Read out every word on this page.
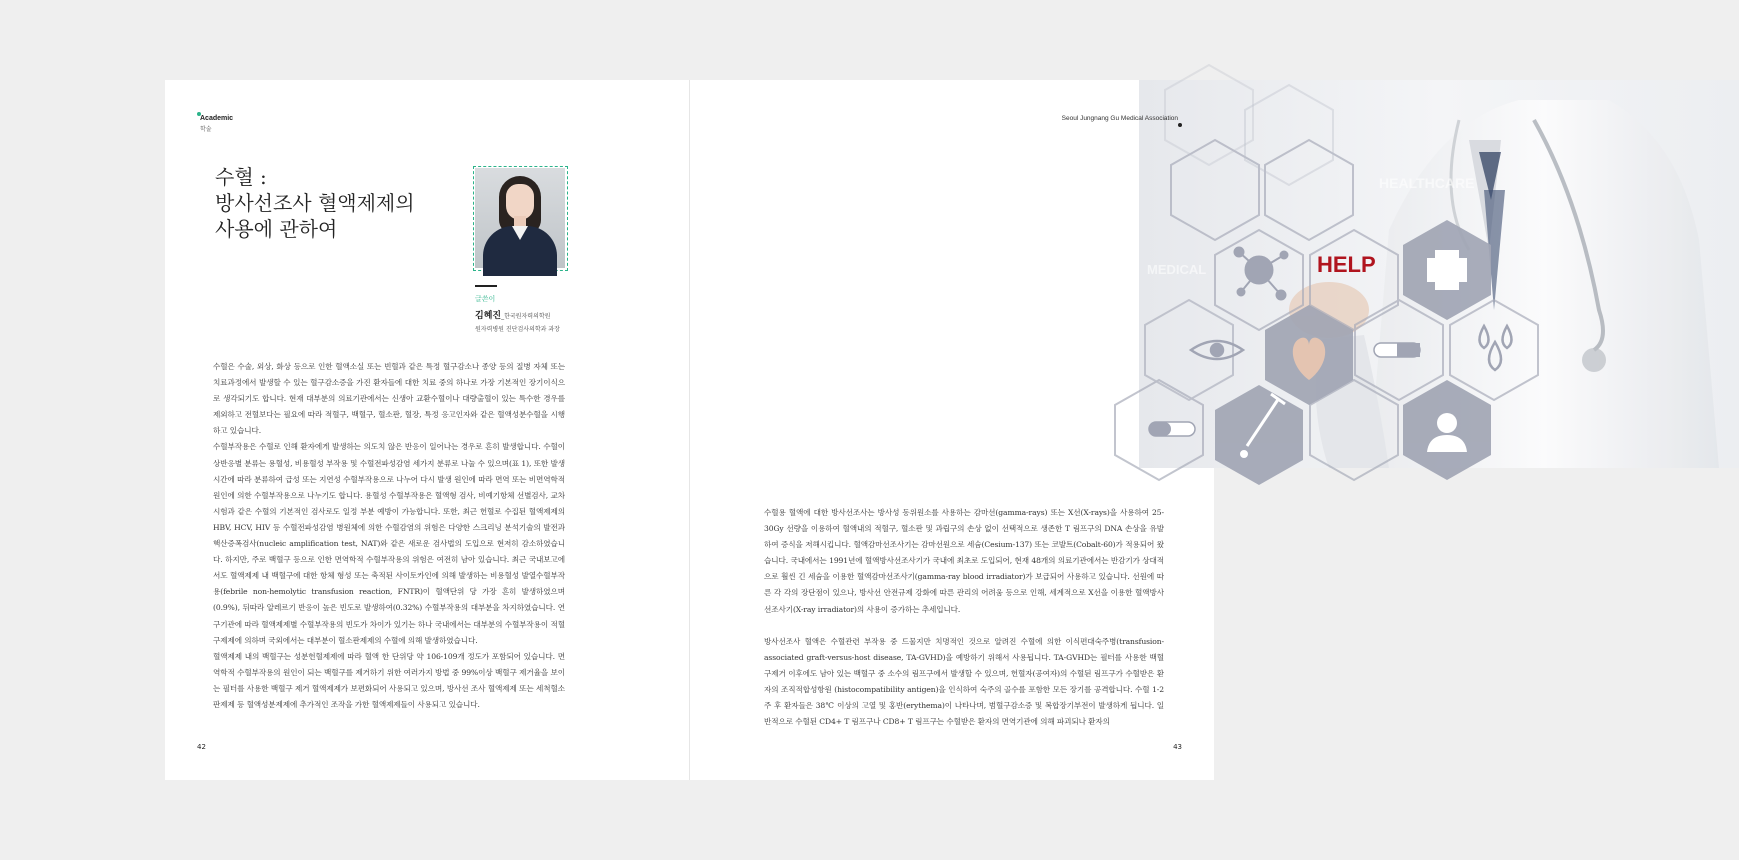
Academic
학술
수혈 :
방사선조사 혈액제제의
사용에 관하여
글쓴이
김혜진_한국원자력의학원
원자력병원 진단검사의학과 과장

수혈은 수술, 외상, 화상 등으로 인한 혈액소실 또는 빈혈과 같은 특정 혈구감소나 종양 등의 질병 자체 또는 치료과정에서 발생할 수 있는 혈구감소증을 가진 환자들에 대한 치료 중의 하나로 가장 기본적인 장기이식으로 생각되기도 합니다. 현재 대부분의 의료기관에서는 신생아 교환수혈이나 대량출혈이 있는 특수한 경우를 제외하고 전혈보다는 필요에 따라 적혈구, 백혈구, 혈소판, 혈장, 특정 응고인자와 같은 혈액성분수혈을 시행하고 있습니다.

수혈부작용은 수혈로 인해 환자에게 발생하는 의도치 않은 반응이 일어나는 경우로 흔히 발생합니다. 수혈이상반응별 분류는 용혈성, 비용혈성 부작용 및 수혈전파성감염 세가지 분류로 나눌 수 있으며(표 1), 또한 발생시간에 따라 분류하여 급성 또는 지연성 수혈부작용으로 나누어 다시 발생 원인에 따라 면역 또는 비면역학적 원인에 의한 수혈부작용으로 나누기도 합니다. 용혈성 수혈부작용은 혈액형 검사, 비예기항체 선별검사, 교차시험과 같은 수혈의 기본적인 검사로도 일정 부분 예방이 가능합니다. 또한, 최근 헌혈로 수집된 혈액제제의 HBV, HCV, HIV 등 수혈전파성감염 병원체에 의한 수혈감염의 위험은 다양한 스크리닝 분석기술의 발전과 핵산증폭검사(nucleic amplification test, NAT)와 같은 새로운 검사법의 도입으로 현저히 감소하였습니다. 하지만, 주로 백혈구 등으로 인한 면역학적 수혈부작용의 위험은 여전히 남아 있습니다. 최근 국내보고에서도 혈액제제 내 백혈구에 대한 항체 형성 또는 축적된 사이토카인에 의해 발생하는 비용혈성 발열수혈부작용(febrile non-hemolytic transfusion reaction, FNTR)이 혈액단위 당 가장 흔히 발생하였으며(0.9%), 뒤따라 알레르기 반응이 높은 빈도로 발생하여(0.32%) 수혈부작용의 대부분을 차지하였습니다. 연구기관에 따라 혈액제제별 수혈부작용의 빈도가 차이가 있기는 하나 국내에서는 대부분의 수혈부작용이 적혈구제제에 의하며 국외에서는 대부분이 혈소판제제의 수혈에 의해 발생하였습니다.

혈액제제 내의 백혈구는 성분헌혈제제에 따라 혈액 한 단위당 약 106-109개 정도가 포함되어 있습니다. 면역학적 수혈부작용의 원인이 되는 백혈구를 제거하기 위한 여러가지 방법 중 99%이상 백혈구 제거율을 보이는 필터를 사용한 백혈구 제거 혈액제제가 보편화되어 사용되고 있으며, 방사선 조사 혈액제제 또는 세척혈소판제제 등 혈액성분제제에 추가적인 조작을 가한 혈액제제들이 사용되고 있습니다.

42
HEALTHCARE
MEDICAL	HELP
Seoul Jungnang Gu Medical Association

수혈용 혈액에 대한 방사선조사는 방사성 동위원소를 사용하는 감마선(gamma-rays) 또는 X선(X-rays)을 사용하여 25-30Gy 선량을 이용하여 혈액내의 적혈구, 혈소판 및 과립구의 손상 없이 선택적으로 생존한 T 림프구의 DNA 손상을 유발하여 증식을 저해시킵니다. 혈액감마선조사기는 감마선원으로 세슘(Cesium-137) 또는 코발트(Cobalt-60)가 적용되어 왔습니다. 국내에서는 1991년에 혈액방사선조사기가 국내에 최초로 도입되어, 현재 48개의 의료기관에서는 반감기가 상대적으로 훨씬 긴 세슘을 이용한 혈액감마선조사기(gamma-ray blood irradiator)가 보급되어 사용하고 있습니다. 선원에 따른 각 각의 장단점이 있으나, 방사선 안전규제 강화에 따른 관리의 어려움 등으로 인해, 세계적으로 X선을 이용한 혈액방사선조사기(X-ray irradiator)의 사용이 증가하는 추세입니다.

방사선조사 혈액은 수혈관련 부작용 중 드물지만 치명적인 것으로 알려진 수혈에 의한 이식편대숙주병(transfusion-associated graft-versus-host disease, TA-GVHD)을 예방하기 위해서 사용됩니다. TA-GVHD는 필터를 사용한 백혈구제거 이후에도 남아 있는 백혈구 중 소수의 림프구에서 발생할 수 있으며, 헌혈자(공여자)의 수혈된 림프구가 수혈받은 환자의 조직적합성항원 (histocompatibility antigen)을 인식하여 숙주의 골수를 포함한 모든 장기를 공격합니다. 수혈 1-2주 후 환자들은 38℃ 이상의 고열 및 홍반(erythema)이 나타나며, 범혈구감소증 및 복합장기부전이 발생하게 됩니다. 일반적으로 수혈된 CD4+ T 림프구나 CD8+ T 림프구는 수혈받은 환자의 면역기관에 의해 파괴되나 환자의

43
